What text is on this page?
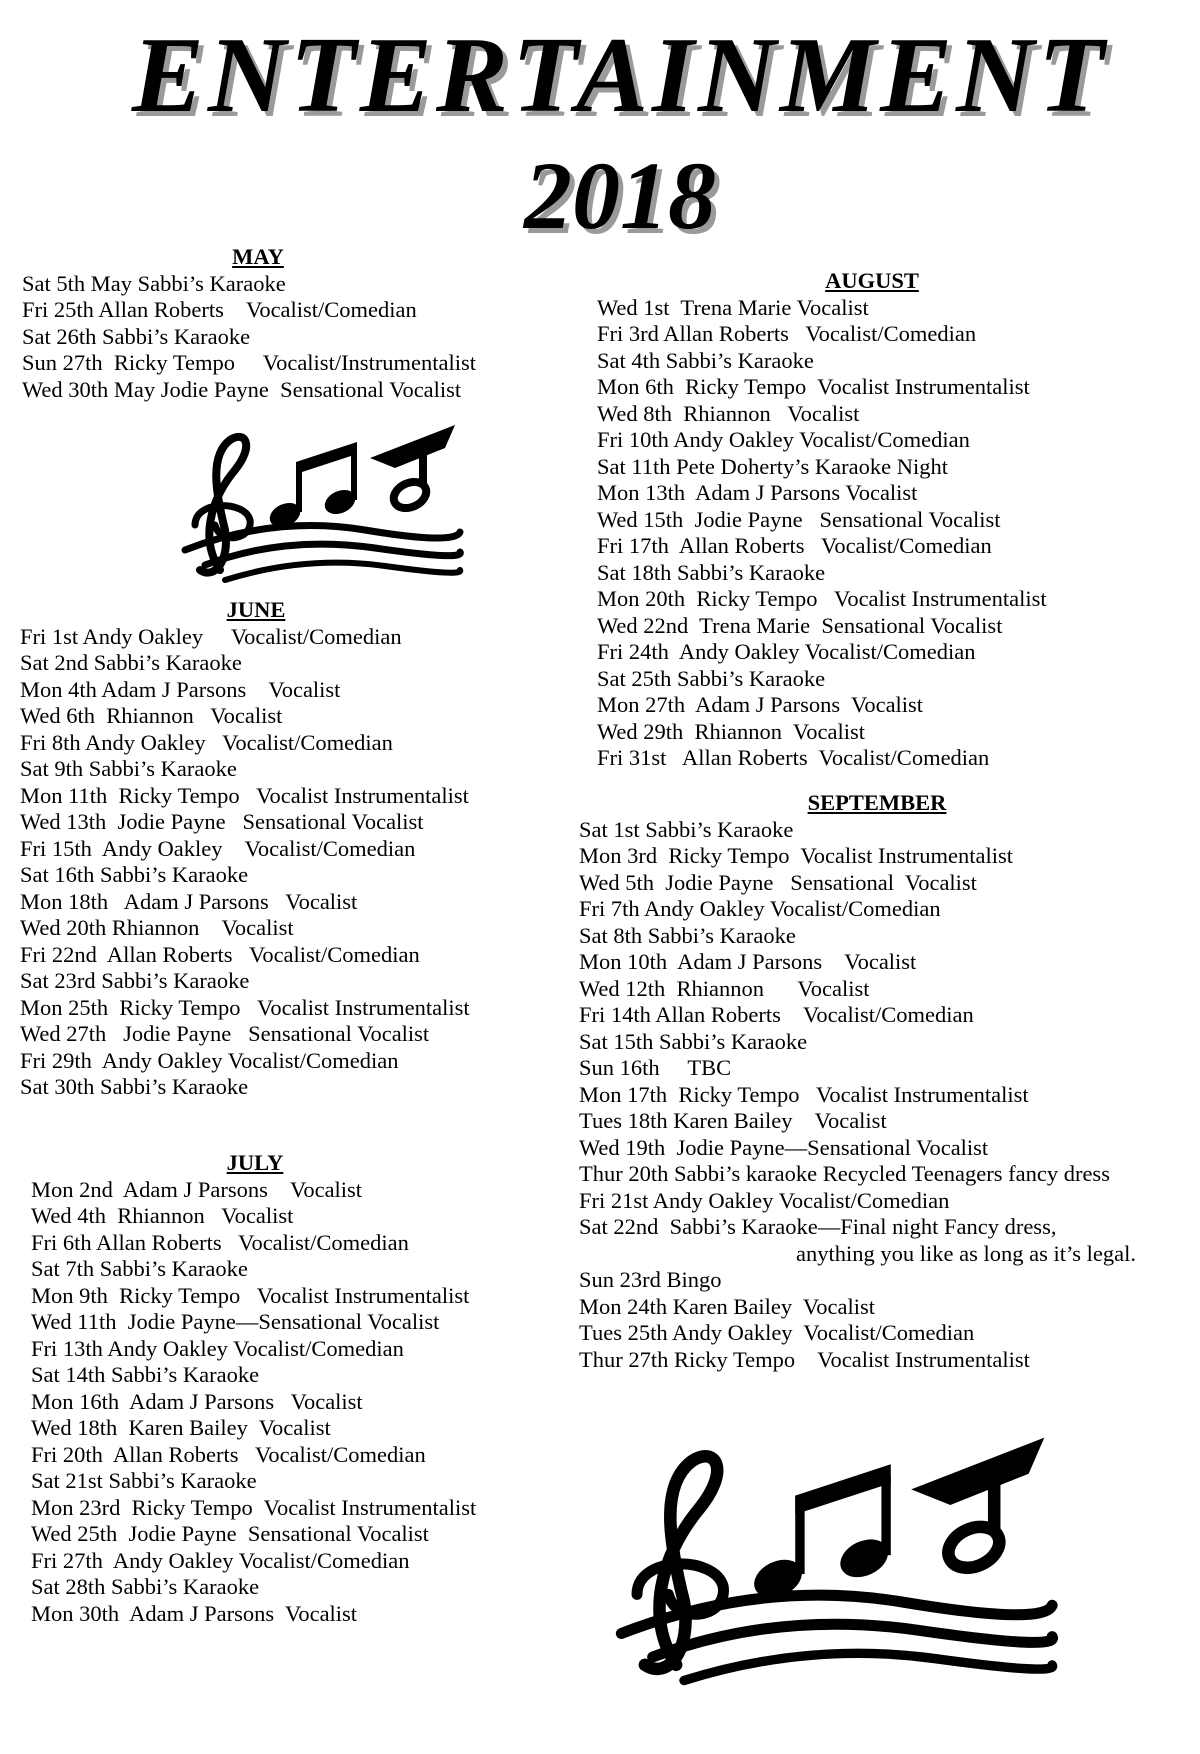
ENTERTAINMENT
2018
MAY
Sat 5th May Sabbi’s Karaoke
Fri 25th Allan Roberts    Vocalist/Comedian
Sat 26th Sabbi’s Karaoke
Sun 27th  Ricky Tempo     Vocalist/Instrumentalist
Wed 30th May Jodie Payne  Sensational Vocalist
JUNE
Fri 1st Andy Oakley     Vocalist/Comedian
Sat 2nd Sabbi’s Karaoke
Mon 4th Adam J Parsons    Vocalist
Wed 6th  Rhiannon   Vocalist
Fri 8th Andy Oakley   Vocalist/Comedian
Sat 9th Sabbi’s Karaoke
Mon 11th  Ricky Tempo   Vocalist Instrumentalist
Wed 13th  Jodie Payne   Sensational Vocalist
Fri 15th  Andy Oakley    Vocalist/Comedian
Sat 16th Sabbi’s Karaoke
Mon 18th   Adam J Parsons   Vocalist
Wed 20th Rhiannon    Vocalist
Fri 22nd  Allan Roberts   Vocalist/Comedian
Sat 23rd Sabbi’s Karaoke
Mon 25th  Ricky Tempo   Vocalist Instrumentalist
Wed 27th   Jodie Payne   Sensational Vocalist
Fri 29th  Andy Oakley Vocalist/Comedian
Sat 30th Sabbi’s Karaoke
JULY
Mon 2nd  Adam J Parsons    Vocalist
Wed 4th  Rhiannon   Vocalist
Fri 6th Allan Roberts   Vocalist/Comedian
Sat 7th Sabbi’s Karaoke
Mon 9th  Ricky Tempo   Vocalist Instrumentalist
Wed 11th  Jodie Payne—Sensational Vocalist
Fri 13th Andy Oakley Vocalist/Comedian
Sat 14th Sabbi’s Karaoke
Mon 16th  Adam J Parsons   Vocalist
Wed 18th  Karen Bailey  Vocalist
Fri 20th  Allan Roberts   Vocalist/Comedian
Sat 21st Sabbi’s Karaoke
Mon 23rd  Ricky Tempo  Vocalist Instrumentalist
Wed 25th  Jodie Payne  Sensational Vocalist
Fri 27th  Andy Oakley Vocalist/Comedian
Sat 28th Sabbi’s Karaoke
Mon 30th  Adam J Parsons  Vocalist
AUGUST
Wed 1st  Trena Marie Vocalist
Fri 3rd Allan Roberts   Vocalist/Comedian
Sat 4th Sabbi’s Karaoke
Mon 6th  Ricky Tempo  Vocalist Instrumentalist
Wed 8th  Rhiannon   Vocalist
Fri 10th Andy Oakley Vocalist/Comedian
Sat 11th Pete Doherty’s Karaoke Night
Mon 13th  Adam J Parsons Vocalist
Wed 15th  Jodie Payne   Sensational Vocalist
Fri 17th  Allan Roberts   Vocalist/Comedian
Sat 18th Sabbi’s Karaoke
Mon 20th  Ricky Tempo   Vocalist Instrumentalist
Wed 22nd  Trena Marie  Sensational Vocalist
Fri 24th  Andy Oakley Vocalist/Comedian
Sat 25th Sabbi’s Karaoke
Mon 27th  Adam J Parsons  Vocalist
Wed 29th  Rhiannon  Vocalist
Fri 31st   Allan Roberts  Vocalist/Comedian
SEPTEMBER
Sat 1st Sabbi’s Karaoke
Mon 3rd  Ricky Tempo  Vocalist Instrumentalist
Wed 5th  Jodie Payne   Sensational  Vocalist
Fri 7th Andy Oakley Vocalist/Comedian
Sat 8th Sabbi’s Karaoke
Mon 10th  Adam J Parsons    Vocalist
Wed 12th  Rhiannon      Vocalist
Fri 14th Allan Roberts    Vocalist/Comedian
Sat 15th Sabbi’s Karaoke
Sun 16th     TBC
Mon 17th  Ricky Tempo   Vocalist Instrumentalist
Tues 18th Karen Bailey    Vocalist
Wed 19th  Jodie Payne—Sensational Vocalist
Thur 20th Sabbi’s karaoke Recycled Teenagers fancy dress
Fri 21st Andy Oakley Vocalist/Comedian
Sat 22nd  Sabbi’s Karaoke—Final night Fancy dress,
anything you like as long as it’s legal.
Sun 23rd Bingo
Mon 24th Karen Bailey  Vocalist
Tues 25th Andy Oakley  Vocalist/Comedian
Thur 27th Ricky Tempo    Vocalist Instrumentalist
